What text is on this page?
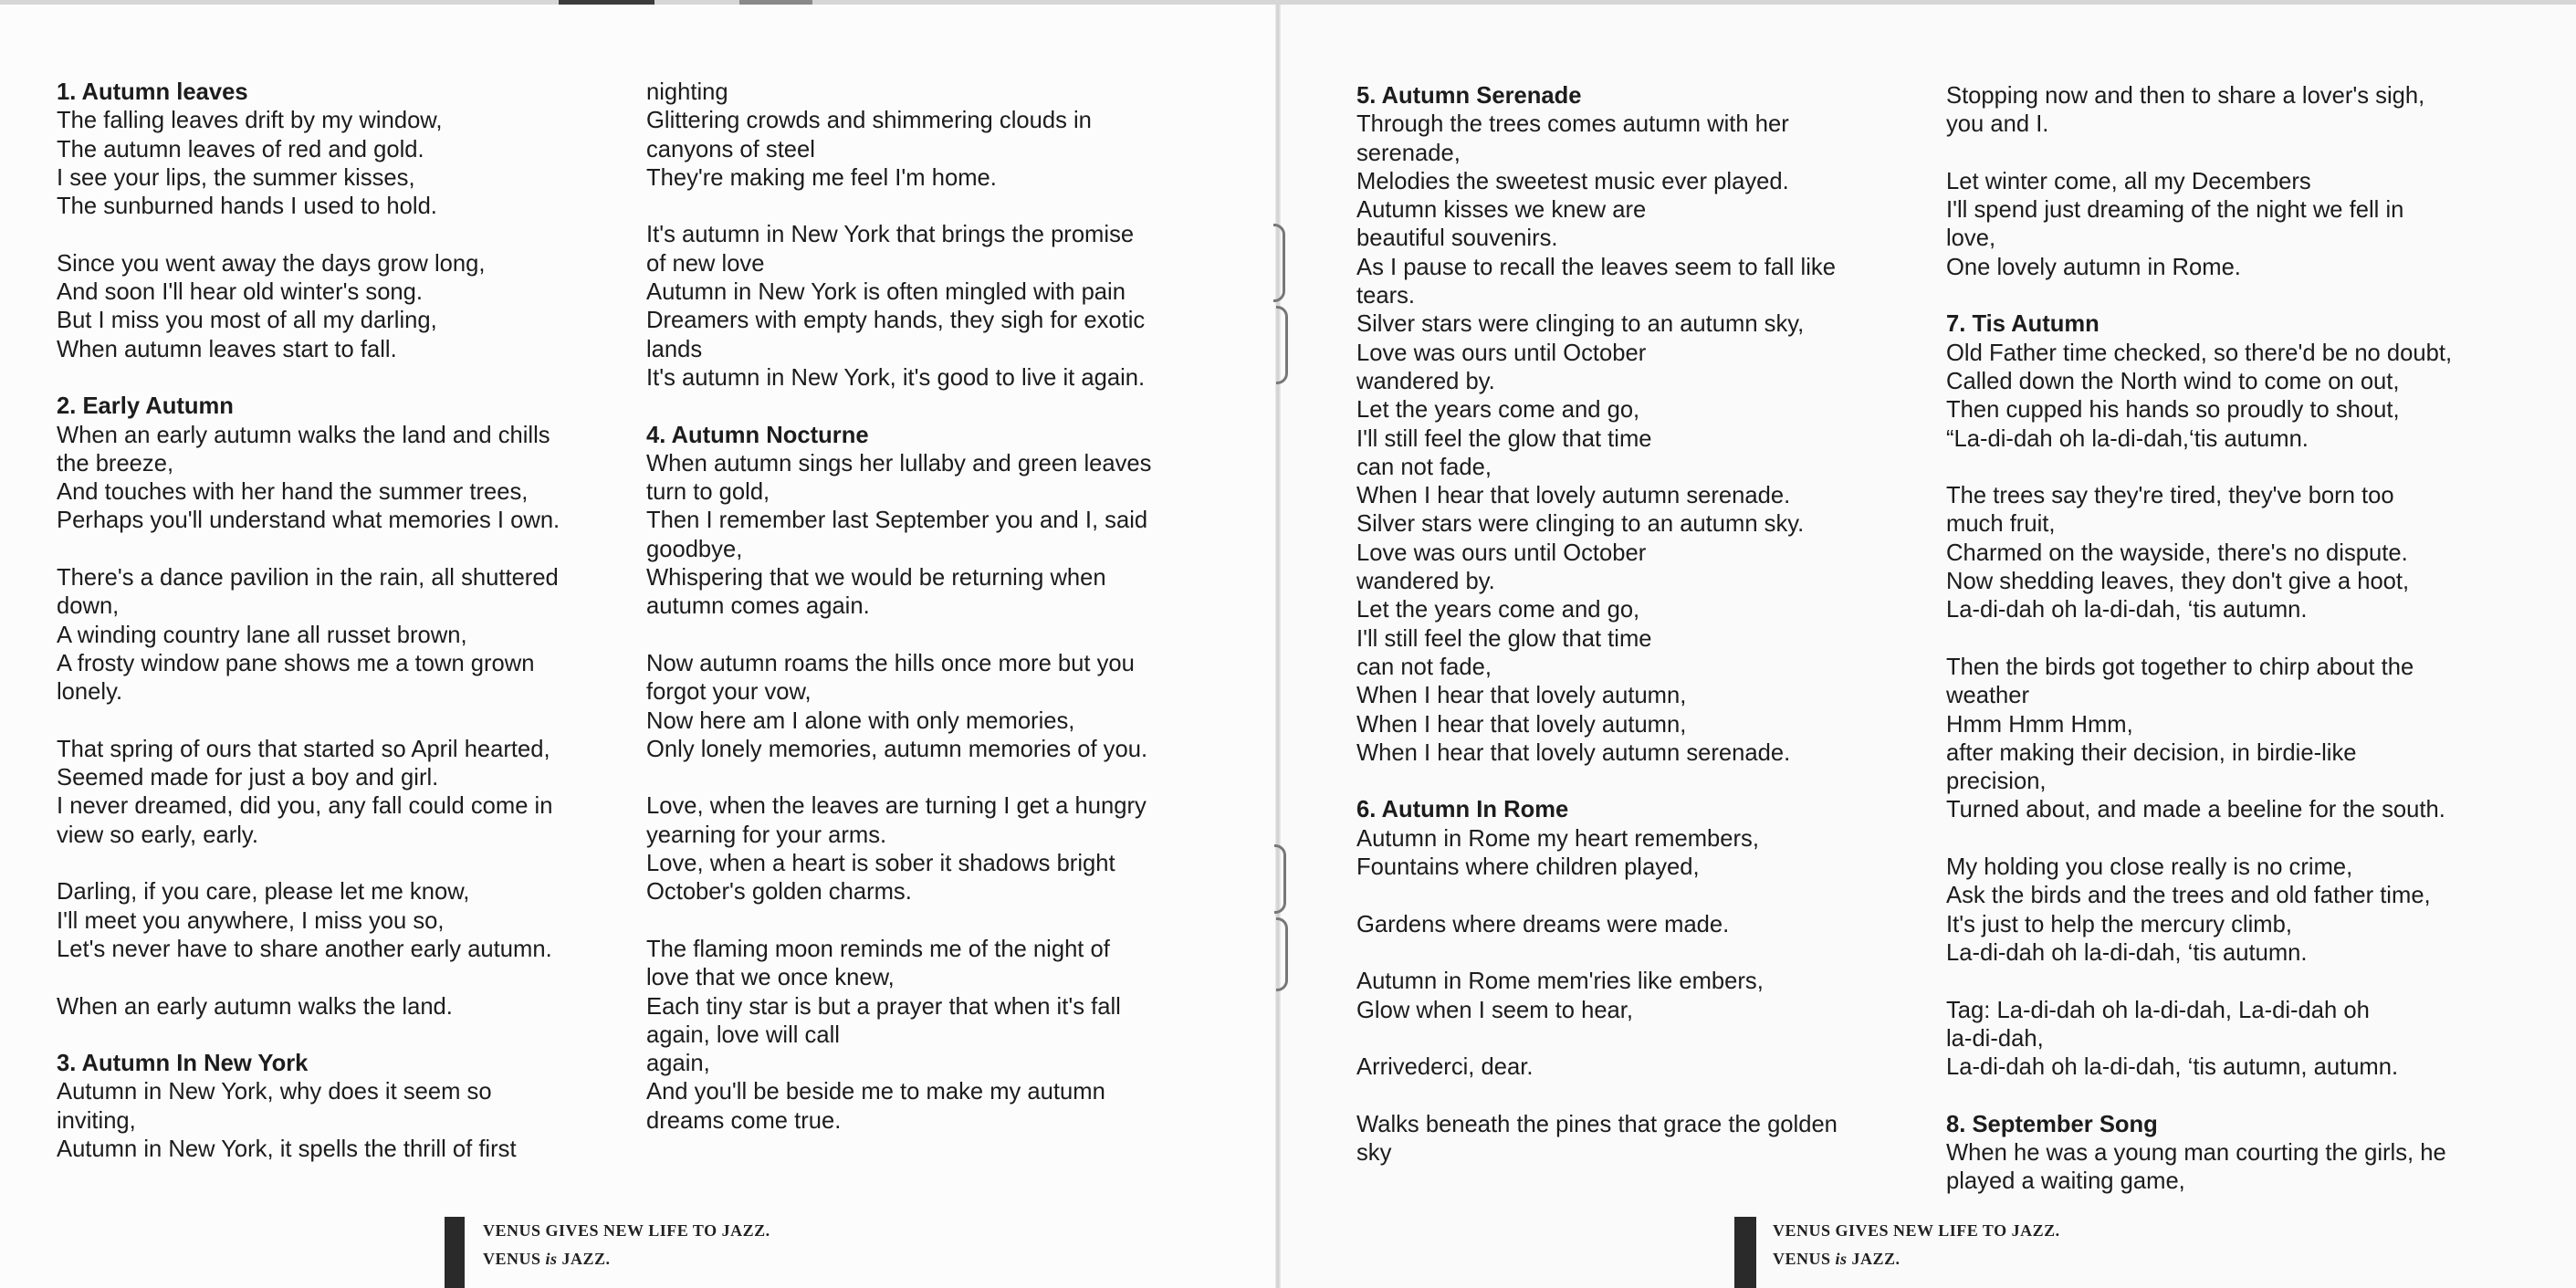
1. Autumn leaves
The falling leaves drift by my window,
The autumn leaves of red and gold.
I see your lips, the summer kisses,
The sunburned hands I used to hold.
Since you went away the days grow long,
And soon I'll hear old winter's song.
But I miss you most of all my darling,
When autumn leaves start to fall.
2. Early Autumn
When an early autumn walks the land and chills
the breeze,
And touches with her hand the summer trees,
Perhaps you'll understand what memories I own.
There's a dance pavilion in the rain, all shuttered
down,
A winding country lane all russet brown,
A frosty window pane shows me a town grown
lonely.
That spring of ours that started so April hearted,
Seemed made for just a boy and girl.
I never dreamed, did you, any fall could come in
view so early, early.
Darling, if you care, please let me know,
I'll meet you anywhere, I miss you so,
Let's never have to share another early autumn.
When an early autumn walks the land.
3. Autumn In New York
Autumn in New York, why does it seem so
inviting,
Autumn in New York, it spells the thrill of first
nighting
Glittering crowds and shimmering clouds in
canyons of steel
They're making me feel I'm home.
It's autumn in New York that brings the promise
of new love
Autumn in New York is often mingled with pain
Dreamers with empty hands, they sigh for exotic
lands
It's autumn in New York, it's good to live it again.
4. Autumn Nocturne
When autumn sings her lullaby and green leaves
turn to gold,
Then I remember last September you and I, said
goodbye,
Whispering that we would be returning when
autumn comes again.
Now autumn roams the hills once more but you
forgot your vow,
Now here am I alone with only memories,
Only lonely memories, autumn memories of you.
Love, when the leaves are turning I get a hungry
yearning for your arms.
Love, when a heart is sober it shadows bright
October's golden charms.
The flaming moon reminds me of the night of
love that we once knew,
Each tiny star is but a prayer that when it's fall
again, love will call
again,
And you'll be beside me to make my autumn
dreams come true.
5. Autumn Serenade
Through the trees comes autumn with her
serenade,
Melodies the sweetest music ever played.
Autumn kisses we knew are
beautiful souvenirs.
As I pause to recall the leaves seem to fall like
tears.
Silver stars were clinging to an autumn sky,
Love was ours until October
wandered by.
Let the years come and go,
I'll still feel the glow that time
can not fade,
When I hear that lovely autumn serenade.
Silver stars were clinging to an autumn sky.
Love was ours until October
wandered by.
Let the years come and go,
I'll still feel the glow that time
can not fade,
When I hear that lovely autumn,
When I hear that lovely autumn,
When I hear that lovely autumn serenade.
6. Autumn In Rome
Autumn in Rome my heart remembers,
Fountains where children played,
Gardens where dreams were made.
Autumn in Rome mem'ries like embers,
Glow when I seem to hear,
Arrivederci, dear.
Walks beneath the pines that grace the golden
sky
Stopping now and then to share a lover's sigh,
you and I.
Let winter come, all my Decembers
I'll spend just dreaming of the night we fell in
love,
One lovely autumn in Rome.
7. Tis Autumn
Old Father time checked, so there'd be no doubt,
Called down the North wind to come on out,
Then cupped his hands so proudly to shout,
“La-di-dah oh la-di-dah,‘tis autumn.
The trees say they're tired, they've born too
much fruit,
Charmed on the wayside, there's no dispute.
Now shedding leaves, they don't give a hoot,
La-di-dah oh la-di-dah, ‘tis autumn.
Then the birds got together to chirp about the
weather
Hmm Hmm Hmm,
after making their decision, in birdie-like
precision,
Turned about, and made a beeline for the south.
My holding you close really is no crime,
Ask the birds and the trees and old father time,
It's just to help the mercury climb,
La-di-dah oh la-di-dah, ‘tis autumn.
Tag: La-di-dah oh la-di-dah, La-di-dah oh
la-di-dah,
La-di-dah oh la-di-dah, ‘tis autumn, autumn.
8. September Song
When he was a young man courting the girls, he
played a waiting game,
VENUS GIVES NEW LIFE TO JAZZ.
VENUS is JAZZ.
VENUS GIVES NEW LIFE TO JAZZ.
VENUS is JAZZ.
